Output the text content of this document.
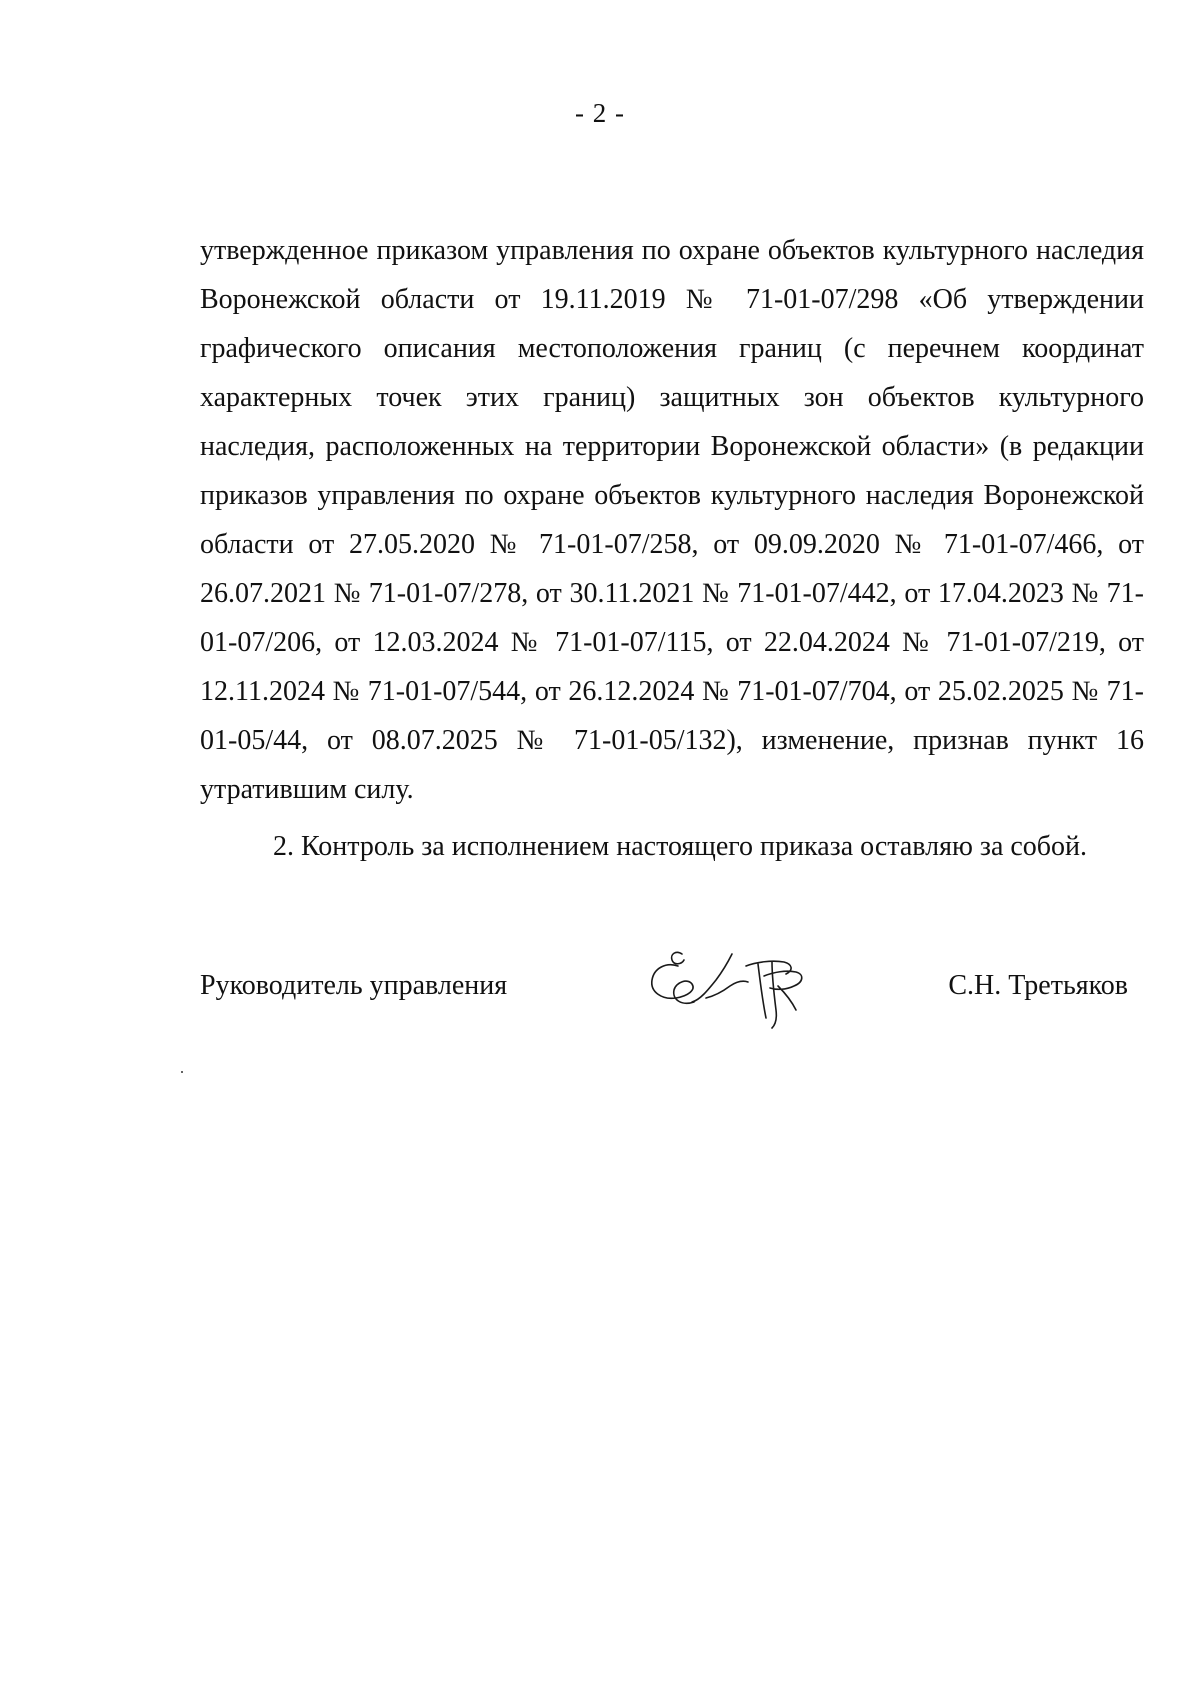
- 2 -

утвержденное приказом управления по охране объектов культурного наследия Воронежской области от 19.11.2019 № 71-01-07/298 «Об утверждении графического описания местоположения границ (с перечнем координат характерных точек этих границ) защитных зон объектов культурного наследия, расположенных на территории Воронежской области» (в редакции приказов управления по охране объектов культурного наследия Воронежской области от 27.05.2020 № 71-01-07/258, от 09.09.2020 № 71-01-07/466, от 26.07.2021 № 71-01-07/278, от 30.11.2021 № 71-01-07/442, от 17.04.2023 № 71-01-07/206, от 12.03.2024 № 71-01-07/115, от 22.04.2024 № 71-01-07/219, от 12.11.2024 № 71-01-07/544, от 26.12.2024 № 71-01-07/704, от 25.02.2025 № 71-01-05/44, от 08.07.2025 № 71-01-05/132), изменение, признав пункт 16 утратившим силу.

2. Контроль за исполнением настоящего приказа оставляю за собой.

Руководитель управления	С.Н. Третьяков
